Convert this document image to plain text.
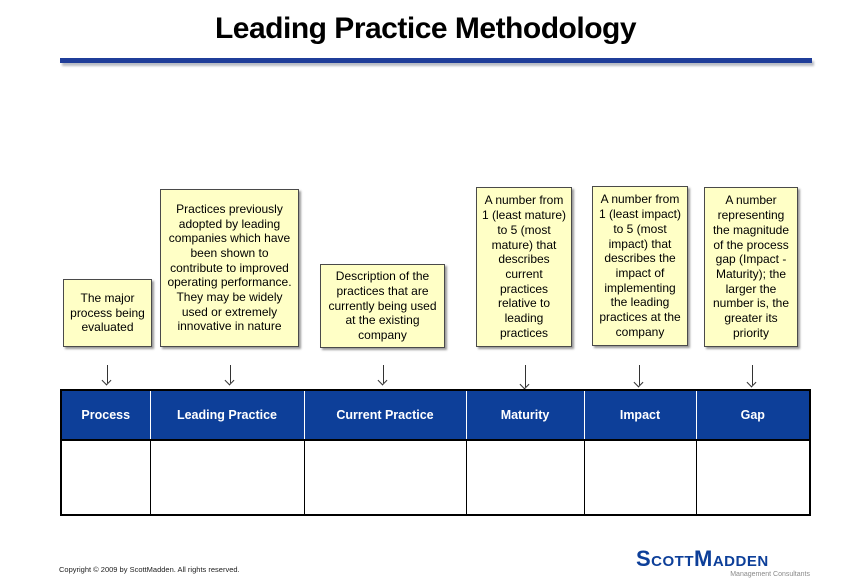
Leading Practice Methodology
The major process being evaluated
Practices previously adopted by leading companies which have been shown to contribute to improved operating performance. They may be widely used or extremely innovative in nature
Description of the practices that are currently being used at the existing company
A number from 1 (least mature) to 5 (most mature) that describes current practices relative to leading practices
A number from 1 (least impact) to 5 (most impact) that describes the impact of implementing the leading practices at the company
A number representing the magnitude of the process gap (Impact - Maturity); the larger the number is, the greater its priority
Process	Leading Practice	Current Practice	Maturity	Impact	Gap

Copyright © 2009 by ScottMadden. All rights reserved.	ScottMadden
Management Consultants
